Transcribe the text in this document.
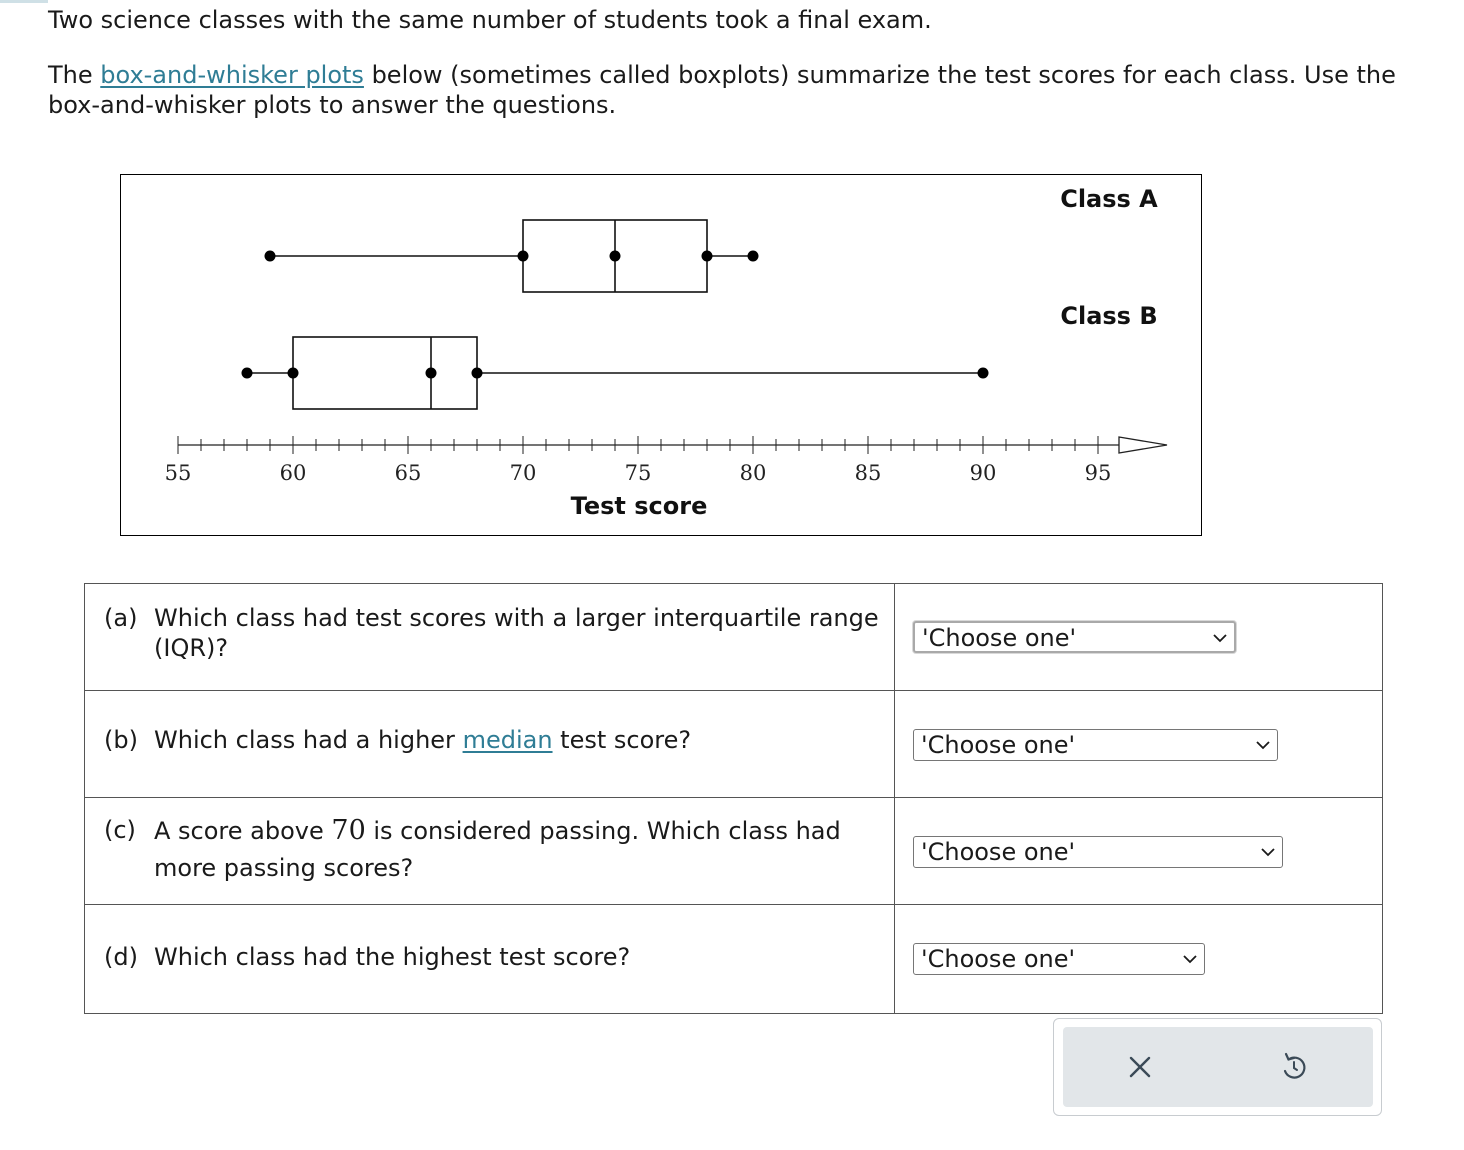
Two science classes with the same number of students took a final exam.
The box-and-whisker plots below (sometimes called boxplots) summarize the test scores for each class. Use the box-and-whisker plots to answer the questions.
55	60	65	70	75	80	85	90	95
Test score
Class A
Class B
(a) Which class had test scores with a larger interquartile range (IQR)?	'Choose one'

(b) Which class had a higher median test score?	'Choose one'

(c) A score above 70 is considered passing. Which class had more passing scores?	'Choose one'

(d) Which class had the highest test score?	'Choose one'
